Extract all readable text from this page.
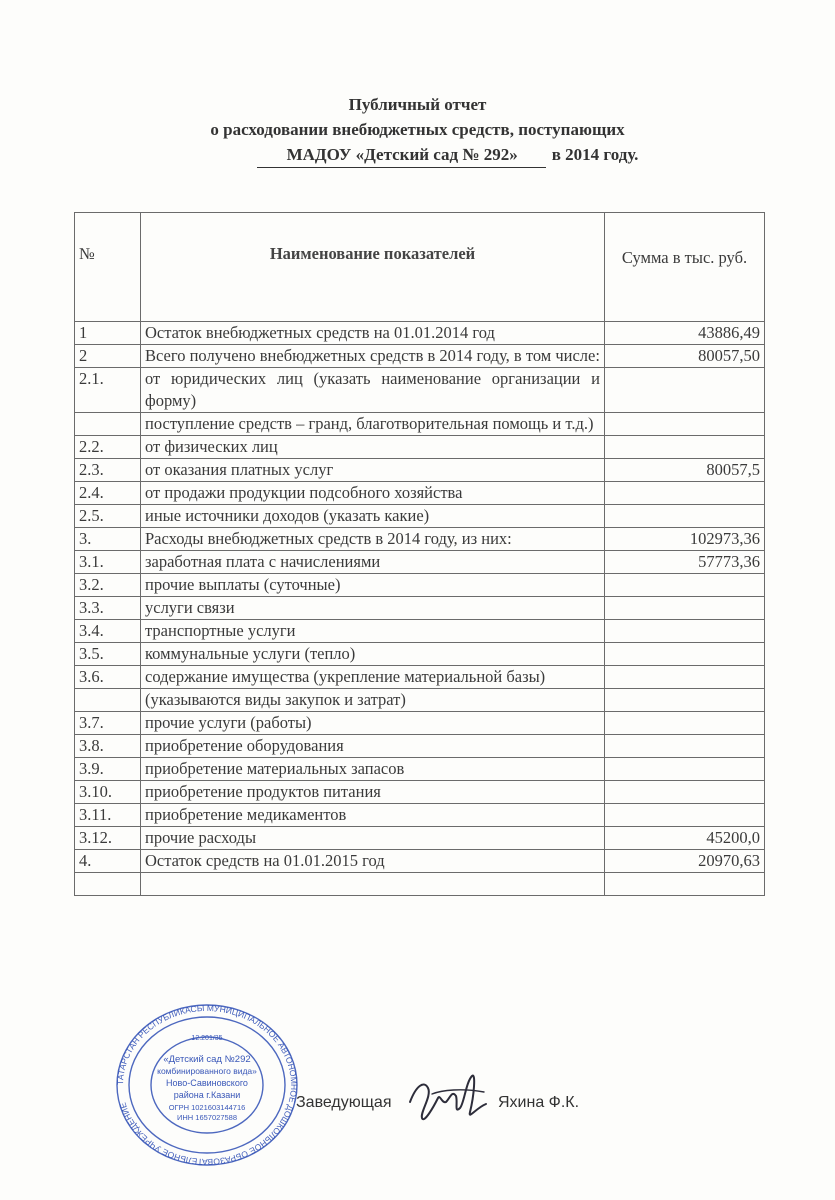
Публичный отчет
о расходовании внебюджетных средств, поступающих
МАДОУ «Детский сад № 292» в 2014 году.
№	Наименование показателей	Сумма в тыс. руб.
1	Остаток внебюджетных средств на 01.01.2014 год	43886,49
2	Всего получено внебюджетных средств в 2014 году, в том числе:	80057,50
2.1.	от юридических лиц (указать наименование организации и форму)	
	поступление средств – гранд, благотворительная помощь и т.д.)	
2.2.	от физических лиц	
2.3.	от оказания платных услуг	80057,5
2.4.	от продажи продукции подсобного хозяйства	
2.5.	иные источники доходов (указать какие)	
3.	Расходы внебюджетных средств в 2014 году, из них:	102973,36
3.1.	заработная плата с начислениями	57773,36
3.2.	прочие выплаты (суточные)	
3.3.	услуги связи	
3.4.	транспортные услуги	
3.5.	коммунальные услуги (тепло)	
3.6.	содержание имущества (укрепление материальной базы)	
	(указываются виды закупок и затрат)	
3.7.	прочие услуги (работы)	
3.8.	приобретение оборудования	
3.9.	приобретение материальных запасов	
3.10.	приобретение продуктов питания	
3.11.	приобретение медикаментов	
3.12.	прочие расходы	45200,0
4.	Остаток средств на 01.01.2015 год	20970,63

ТАТАРСТАН РЕСПУБЛИКАСЫ МУНИЦИПАЛЬНОЕ АВТОНОМНОЕ ДОШКОЛЬНОЕ ОБРАЗОВАТЕЛЬНОЕ УЧРЕЖДЕНИЕ
12.201/35
«Детский сад №292
комбинированного вида»
Ново-Савиновского
района г.Казани
ОГРН 1021603144716
ИНН 1657027588
Заведующая	Яхина Ф.К.
